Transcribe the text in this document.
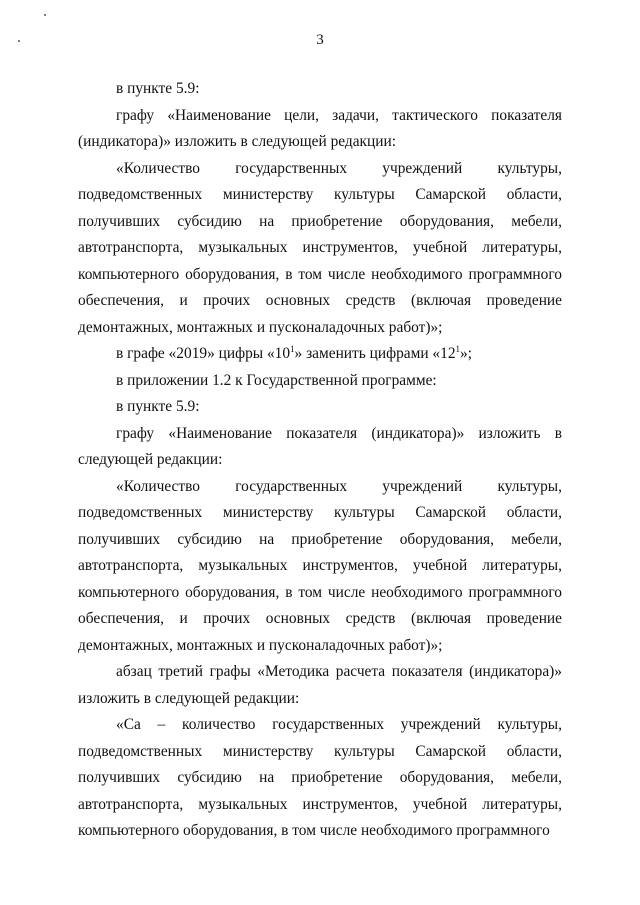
3

в пункте 5.9:

графу «Наименование цели, задачи, тактического показателя (индикатора)» изложить в следующей редакции:

«Количество государственных учреждений культуры, подведомственных министерству культуры Самарской области, получивших субсидию на приобретение оборудования, мебели, автотранспорта, музыкальных инструментов, учебной литературы, компьютерного оборудования, в том числе необходимого программного обеспечения, и прочих основных средств (включая проведение демонтажных, монтажных и пусконаладочных работ)»;

в графе «2019» цифры «$10^1$» заменить цифрами «$12^1$»;

в приложении 1.2 к Государственной программе:

в пункте 5.9:

графу «Наименование показателя (индикатора)» изложить в следующей редакции:

«Количество государственных учреждений культуры, подведомственных министерству культуры Самарской области, получивших субсидию на приобретение оборудования, мебели, автотранспорта, музыкальных инструментов, учебной литературы, компьютерного оборудования, в том числе необходимого программного обеспечения, и прочих основных средств (включая проведение демонтажных, монтажных и пусконаладочных работ)»;

абзац третий графы «Методика расчета показателя (индикатора)» изложить в следующей редакции:

«Са – количество государственных учреждений культуры, подведомственных министерству культуры Самарской области, получивших субсидию на приобретение оборудования, мебели, автотранспорта, музыкальных инструментов, учебной литературы, компьютерного оборудования, в том числе необходимого программного
